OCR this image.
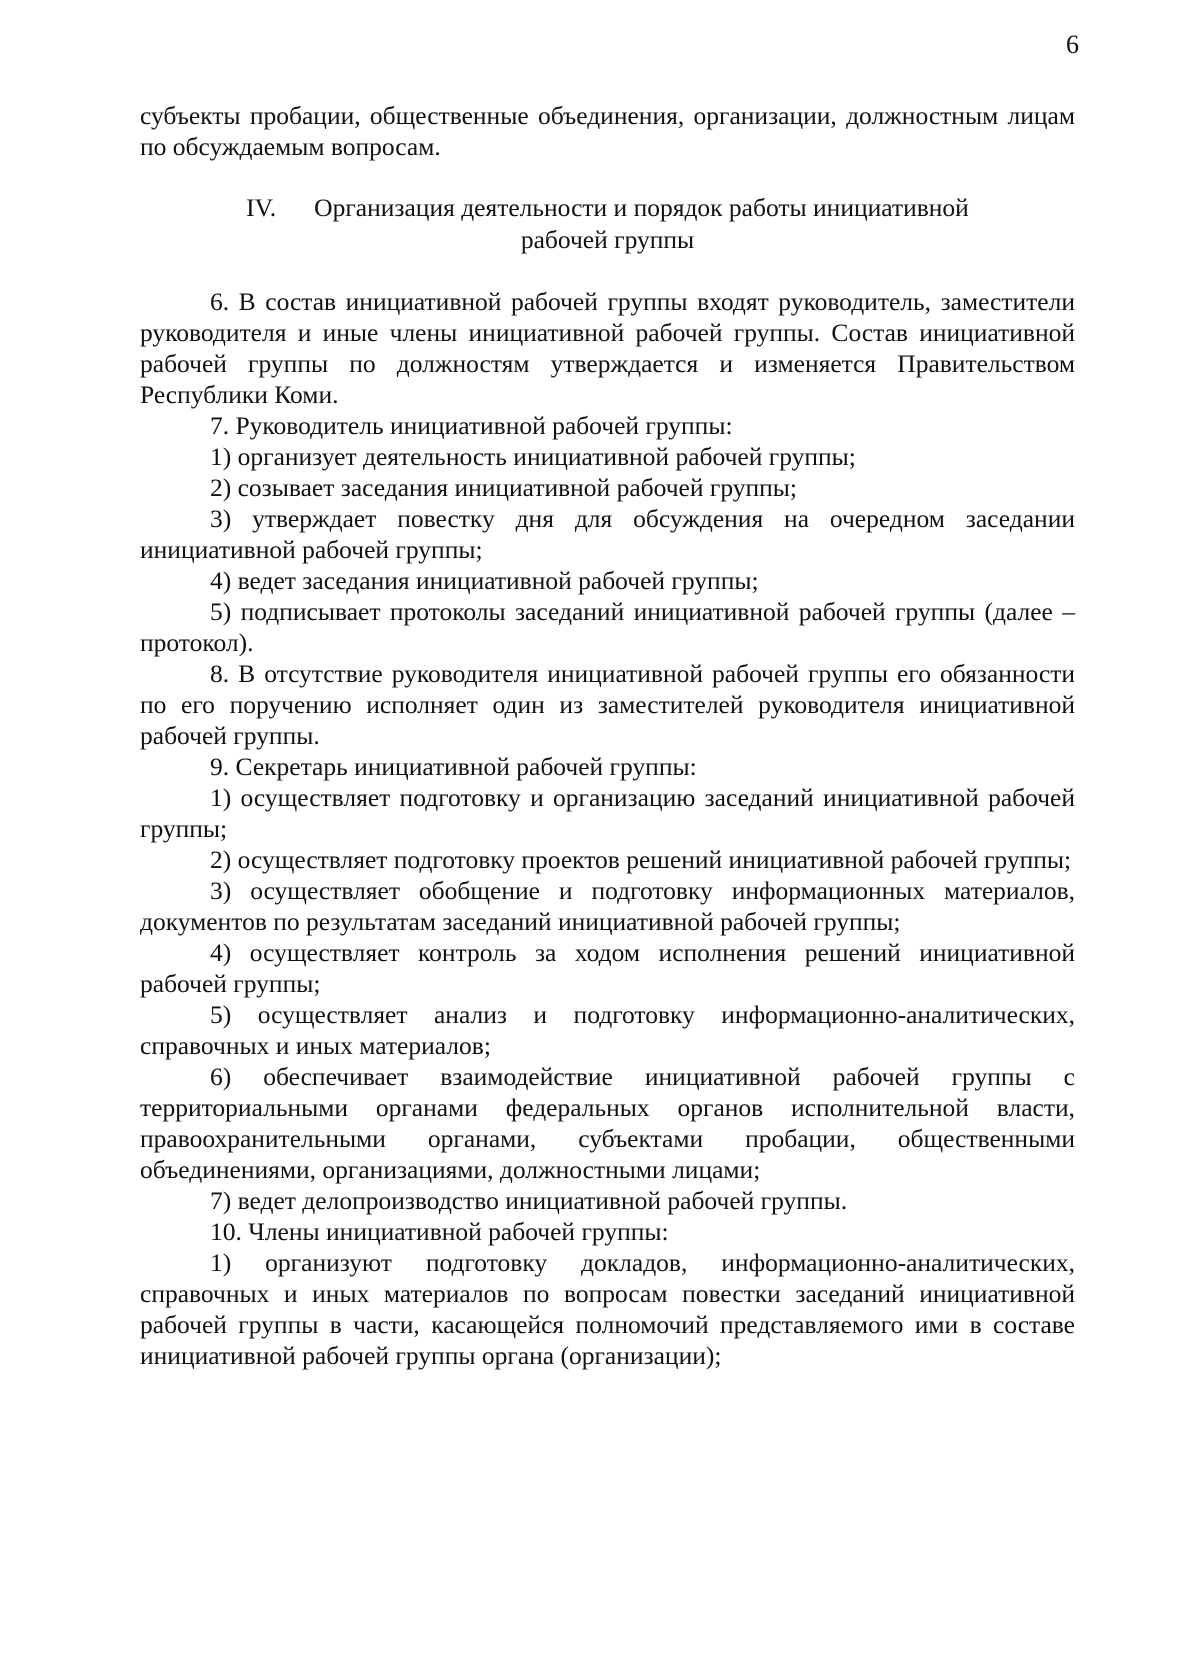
6

субъекты пробации, общественные объединения, организации, должностным лицам по обсуждаемым вопросам.

IV. Организация деятельности и порядок работы инициативной
рабочей группы

6. В состав инициативной рабочей группы входят руководитель, заместители руководителя и иные члены инициативной рабочей группы. Состав инициативной рабочей группы по должностям утверждается и изменяется Правительством Республики Коми.

7. Руководитель инициативной рабочей группы:

1) организует деятельность инициативной рабочей группы;

2) созывает заседания инициативной рабочей группы;

3) утверждает повестку дня для обсуждения на очередном заседании инициативной рабочей группы;

4) ведет заседания инициативной рабочей группы;

5) подписывает протоколы заседаний инициативной рабочей группы (далее – протокол).

8. В отсутствие руководителя инициативной рабочей группы его обязанности по его поручению исполняет один из заместителей руководителя инициативной рабочей группы.

9. Секретарь инициативной рабочей группы:

1) осуществляет подготовку и организацию заседаний инициативной рабочей группы;

2) осуществляет подготовку проектов решений инициативной рабочей группы;

3) осуществляет обобщение и подготовку информационных материалов, документов по результатам заседаний инициативной рабочей группы;

4) осуществляет контроль за ходом исполнения решений инициативной рабочей группы;

5) осуществляет анализ и подготовку информационно-аналитических, справочных и иных материалов;

6) обеспечивает взаимодействие инициативной рабочей группы с территориальными органами федеральных органов исполнительной власти, правоохранительными органами, субъектами пробации, общественными объединениями, организациями, должностными лицами;

7) ведет делопроизводство инициативной рабочей группы.

10. Члены инициативной рабочей группы:

1) организуют подготовку докладов, информационно-аналитических, справочных и иных материалов по вопросам повестки заседаний инициативной рабочей группы в части, касающейся полномочий представляемого ими в составе инициативной рабочей группы органа (организации);
